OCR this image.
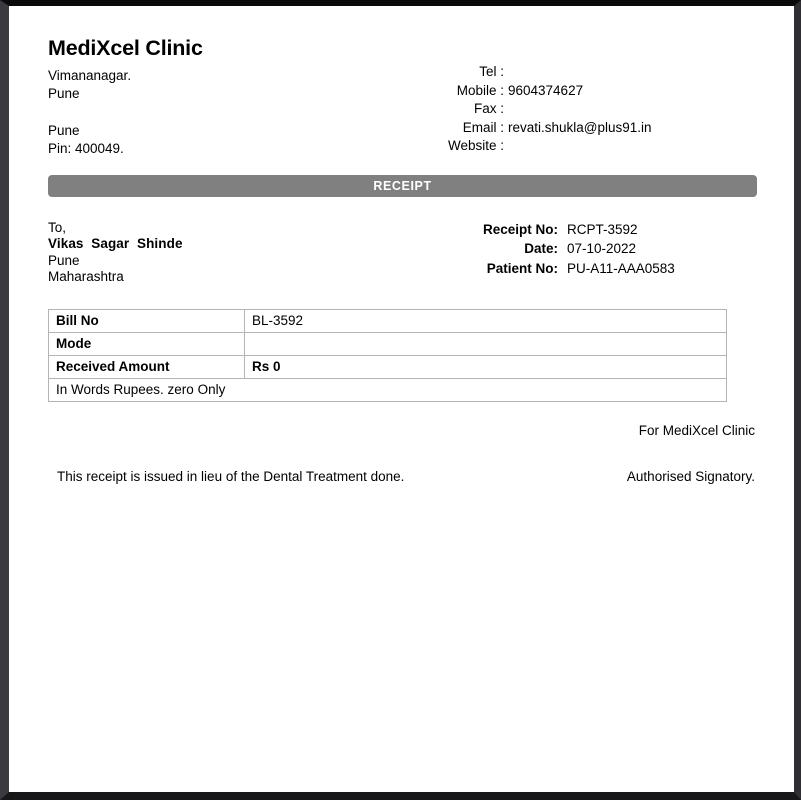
MediXcel Clinic
Vimananagar.
Pune
Pune
Pin: 400049.
Tel :
Mobile : 9604374627
Fax :
Email : revati.shukla@plus91.in
Website :
RECEIPT
To,
Vikas  Sagar  Shinde
Pune
Maharashtra
Receipt No: RCPT-3592
Date: 07-10-2022
Patient No: PU-A11-AAA0583
Bill No	BL-3592
Mode	
Received Amount	Rs 0
In Words Rupees. zero Only	
For MediXcel Clinic
This receipt is issued in lieu of the Dental Treatment done.	Authorised Signatory.
